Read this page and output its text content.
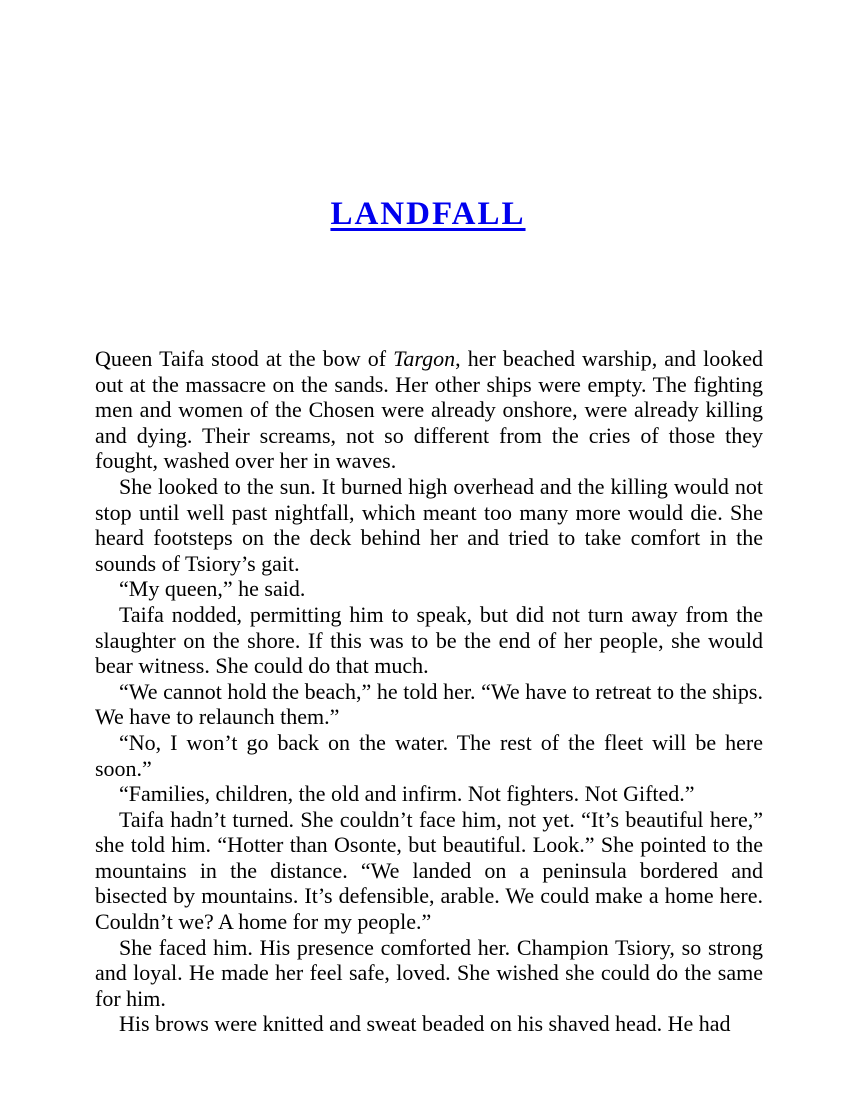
LANDFALL

Queen Taifa stood at the bow of Targon, her beached warship, and looked out at the massacre on the sands. Her other ships were empty. The fighting men and women of the Chosen were already onshore, were already killing and dying. Their screams, not so different from the cries of those they fought, washed over her in waves.

She looked to the sun. It burned high overhead and the killing would not stop until well past nightfall, which meant too many more would die. She heard footsteps on the deck behind her and tried to take comfort in the sounds of Tsiory’s gait.

“My queen,” he said.

Taifa nodded, permitting him to speak, but did not turn away from the slaughter on the shore. If this was to be the end of her people, she would bear witness. She could do that much.

“We cannot hold the beach,” he told her. “We have to retreat to the ships. We have to relaunch them.”

“No, I won’t go back on the water. The rest of the fleet will be here soon.”

“Families, children, the old and infirm. Not fighters. Not Gifted.”

Taifa hadn’t turned. She couldn’t face him, not yet. “It’s beautiful here,” she told him. “Hotter than Osonte, but beautiful. Look.” She pointed to the mountains in the distance. “We landed on a peninsula bordered and bisected by mountains. It’s defensible, arable. We could make a home here. Couldn’t we? A home for my people.”

She faced him. His presence comforted her. Champion Tsiory, so strong and loyal. He made her feel safe, loved. She wished she could do the same for him.

His brows were knitted and sweat beaded on his shaved head. He had
